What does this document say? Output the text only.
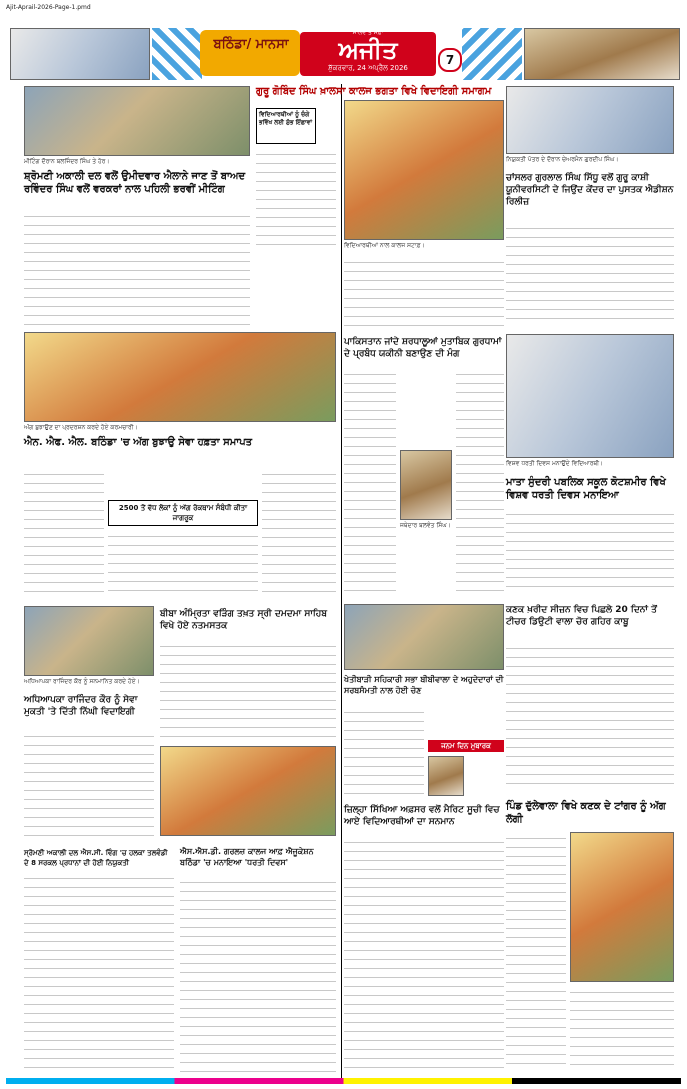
Ajit-Aprail-2026-Page-1.pmd
ਬਠਿੰਡਾ/ ਮਾਨਸਾ
ਮਾਲਵੇ ਤੋਂ ਸਫ਼ਾ
ਅਜੀਤ
ਸ਼ੁੱਕਰਵਾਰ, 24 ਅਪ੍ਰੈਲ 2026
7
ਮੀਟਿੰਗ ਦੌਰਾਨ ਬਲਜਿੰਦਰ ਸਿੰਘ ਤੇ ਹੋਰ।
ਸ਼੍ਰੋਮਣੀ ਅਕਾਲੀ ਦਲ ਵਲੋਂ ਉਮੀਦਵਾਰ ਐਲਾਨੇ ਜਾਣ ਤੋਂ ਬਾਅਦ ਰਵਿੰਦਰ ਸਿੰਘ ਵਲੋਂ ਵਰਕਰਾਂ ਨਾਲ ਪਹਿਲੀ ਭਰਵੀਂ ਮੀਟਿੰਗ
ਗੁਰੂ ਗੋਬਿੰਦ ਸਿੰਘ ਖ਼ਾਲਸਾ ਕਾਲਜ ਭਗਤਾ ਵਿਖੇ ਵਿਦਾਇਗੀ ਸਮਾਗਮ
ਵਿਦਿਆਰਥੀਆਂ ਨੂੰ ਚੰਗੇ ਭਵਿੱਖ ਲਈ ਸ਼ੁੱਭ ਇੱਛਾਵਾਂ
ਵਿਦਿਆਰਥੀਆਂ ਨਾਲ ਕਾਲਜ ਸਟਾਫ਼।
ਨਿਯੁਕਤੀ ਪੱਤਰ ਦੇ ਦੌਰਾਨ ਚੇਅਰਮੈਨ ਗੁਰਦੀਪ ਸਿੰਘ।
ਚਾਂਸਲਰ ਗੁਰਲਾਲ ਸਿੰਘ ਸਿੱਧੂ ਵਲੋਂ ਗੁਰੂ ਕਾਸ਼ੀ ਯੂਨੀਵਰਸਿਟੀ ਦੇ ਜਿਉਂਦ ਕੇਂਦਰ ਦਾ ਪੁਸਤਕ ਐਡੀਸ਼ਨ ਰਿਲੀਜ਼
ਅੱਗ ਬੁਝਾਉਣ ਦਾ ਪ੍ਰਦਰਸ਼ਨ ਕਰਦੇ ਹੋਏ ਕਰਮਚਾਰੀ।
ਐਨ. ਐਫ. ਐਲ. ਬਠਿੰਡਾ 'ਚ ਅੱਗ ਬੁਝਾਉ ਸੇਵਾ ਹਫ਼ਤਾ ਸਮਾਪਤ
2500 ਤੋਂ ਵੱਧ ਲੋਕਾਂ ਨੂੰ ਅੱਗ ਰੋਕਥਾਮ ਸੰਬੰਧੀ ਕੀਤਾ ਜਾਗਰੂਕ
ਪਾਕਿਸਤਾਨ ਜਾਂਦੇ ਸ਼ਰਧਾਲੂਆਂ ਮੁਤਾਬਿਕ ਗੁਰਧਾਮਾਂ ਦੇ ਪ੍ਰਬੰਧ ਯਕੀਨੀ ਬਣਾਉਣ ਦੀ ਮੰਗ
ਜਥੇਦਾਰ ਬਲਵੰਤ ਸਿੰਘ।
ਵਿਸ਼ਵ ਧਰਤੀ ਦਿਵਸ ਮਨਾਉਂਦੇ ਵਿਦਿਆਰਥੀ।
ਮਾਤਾ ਸੁੰਦਰੀ ਪਬਲਿਕ ਸਕੂਲ ਕੋਟਸ਼ਮੀਰ ਵਿਖੇ ਵਿਸ਼ਵ ਧਰਤੀ ਦਿਵਸ ਮਨਾਇਆ
ਅਧਿਆਪਕਾ ਰਾਜਿੰਦਰ ਕੌਰ ਨੂੰ ਸਨਮਾਨਿਤ ਕਰਦੇ ਹੋਏ।
ਅਧਿਆਪਕਾ ਰਾਜਿੰਦਰ ਕੌਰ ਨੂੰ ਸੇਵਾ ਮੁਕਤੀ 'ਤੇ ਦਿੱਤੀ ਨਿੱਘੀ ਵਿਦਾਇਗੀ
ਬੀਬਾ ਅੰਮ੍ਰਿਤਾ ਵੜਿੰਗ ਤਖ਼ਤ ਸ੍ਰੀ ਦਮਦਮਾ ਸਾਹਿਬ ਵਿਖੇ ਹੋਏ ਨਤਮਸਤਕ
ਖੇਤੀਬਾੜੀ ਸਹਿਕਾਰੀ ਸਭਾ ਬੀਬੀਵਾਲਾ ਦੇ ਅਹੁਦੇਦਾਰਾਂ ਦੀ ਸਰਬਸੰਮਤੀ ਨਾਲ ਹੋਈ ਚੋਣ
ਜਨਮ ਦਿਨ ਮੁਬਾਰਕ
ਕਣਕ ਖ਼ਰੀਦ ਸੀਜ਼ਨ ਵਿਚ ਪਿਛਲੇ 20 ਦਿਨਾਂ ਤੋਂ ਟੀਚਰ ਡਿਉਟੀ ਵਾਲਾ ਚੋਰ ਗਹਿਰ ਕਾਬੂ
ਸ੍ਰੋਮਣੀ ਅਕਾਲੀ ਦਲ ਐਸ.ਸੀ. ਵਿੰਗ 'ਚ ਹਲਕਾ ਤਲਵੰਡੀ ਦੇ 8 ਸਰਕਲ ਪ੍ਰਧਾਨਾਂ ਦੀ ਹੋਈ ਨਿਯੁਕਤੀ
ਐਸ.ਐਸ.ਡੀ. ਗਰਲਜ਼ ਕਾਲਜ ਆਫ਼ ਐਜੂਕੇਸ਼ਨ ਬਠਿੰਡਾ 'ਚ ਮਨਾਇਆ 'ਧਰਤੀ ਦਿਵਸ'
ਜ਼ਿਲ੍ਹਾ ਸਿੱਖਿਆ ਅਫ਼ਸਰ ਵਲੋਂ ਮੈਰਿਟ ਸੂਚੀ ਵਿਚ ਆਏ ਵਿਦਿਆਰਥੀਆਂ ਦਾ ਸਨਮਾਨ
ਪਿੰਡ ਦੁੱਲੇਵਾਲਾ ਵਿਖੇ ਕਣਕ ਦੇ ਟਾਂਗਰ ਨੂੰ ਅੱਗ ਲੱਗੀ
